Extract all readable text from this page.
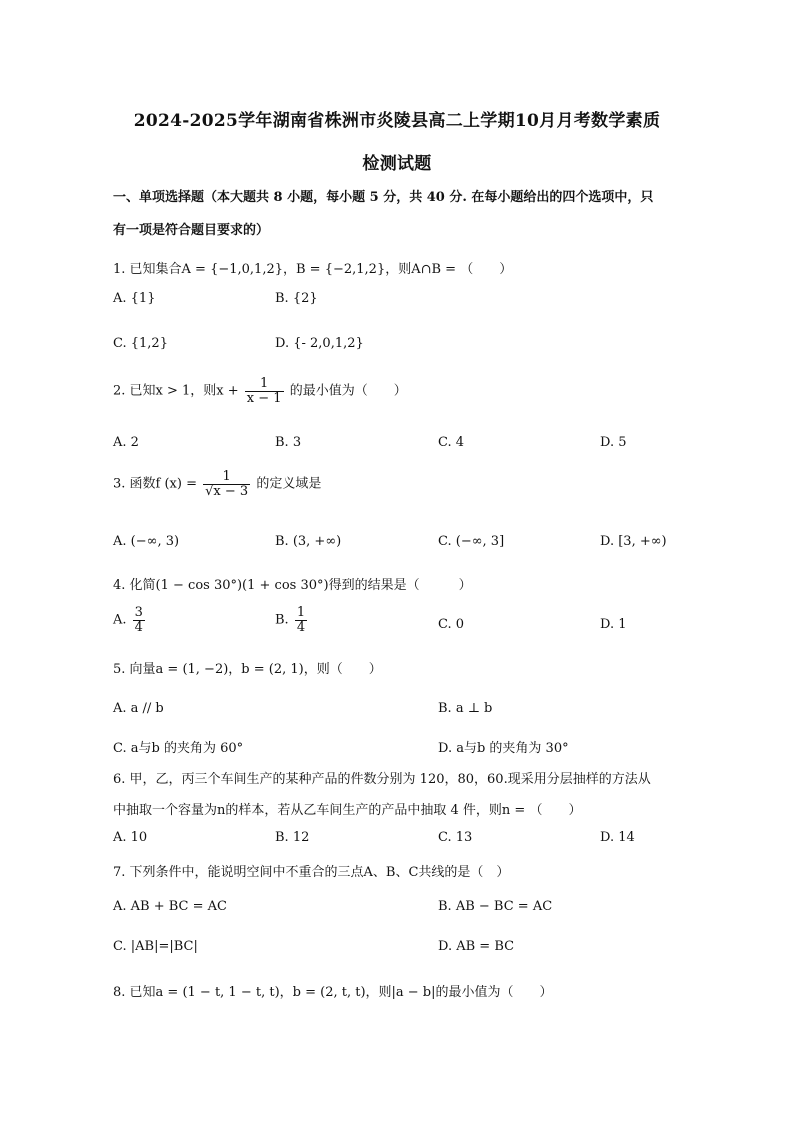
2024-2025学年湖南省株洲市炎陵县高二上学期10月月考数学素质
检测试题
一、单项选择题（本大题共 8 小题，每小题 5 分，共 40 分. 在每小题给出的四个选项中，只
有一项是符合题目要求的）
1. 已知集合A = {−1,0,1,2}，B = {−2,1,2}，则A∩B = （　　）
A. {1}	B. {2}
C. {1,2}	D. {- 2,0,1,2}
2. 已知x > 1，则$x + \frac{1}{x - 1}$ 的最小值为（　　）
A. 2	B. 3	C. 4	D. 5
3. 函数f $(x) = \frac{1}{√x - 3}$ 的定义域是
A. (−∞, 3)	B. (3, +∞)	C. (−∞, 3]	D. [3, +∞)
4. 化简(1 − cos 30°)(1 + cos 30°)得到的结果是（　　　）
A. $\frac{3}{4}$	B. $\frac{1}{4}$	C. 0	D. 1
5. 向量a = (1, −2)，b = (2, 1)，则（　　）
A. a // b	B. a ⊥ b
C. a与b 的夹角为 60°	D. a与b 的夹角为 30°
6. 甲，乙，丙三个车间生产的某种产品的件数分别为 120，80，60.现采用分层抽样的方法从
中抽取一个容量为n的样本，若从乙车间生产的产品中抽取 4 件，则n = （　　）
A. 10	B. 12	C. 13	D. 14
7. 下列条件中，能说明空间中不重合的三点A、B、C共线的是（　）
A. AB + BC = AC	B. AB − BC = AC
C. |AB|=|BC|	D. AB = BC
8. 已知a = (1 − t, 1 − t, t)，b = (2, t, t)，则|a − b|的最小值为（　　）
